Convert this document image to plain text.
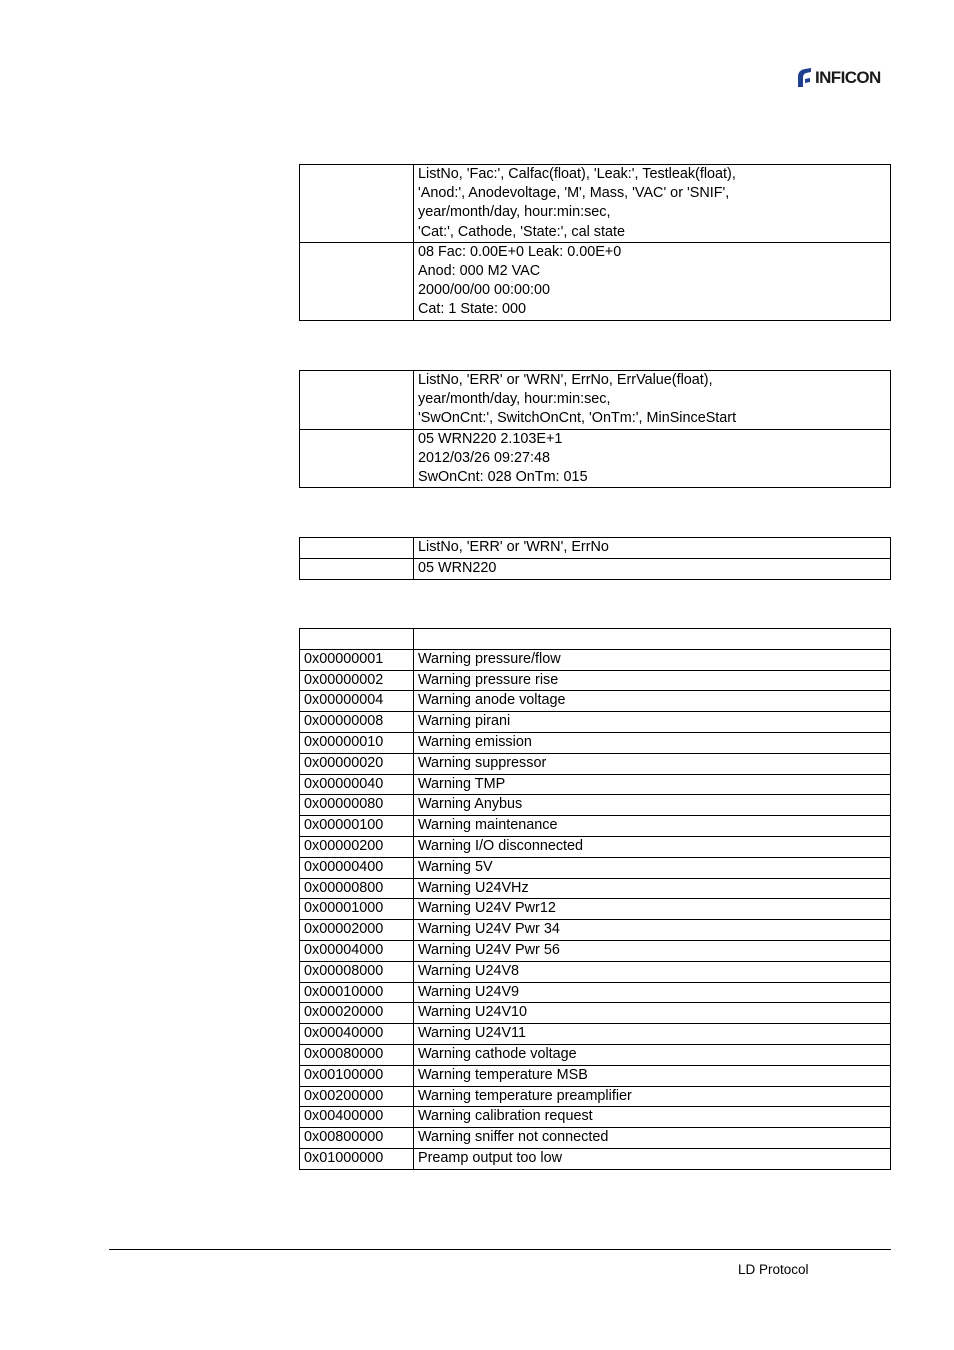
INFICON

	ListNo, 'Fac:', Calfac(float), 'Leak:', Testleak(float),
'Anod:', Anodevoltage, 'M', Mass, 'VAC' or 'SNIF',
year/month/day, hour:min:sec,
'Cat:', Cathode, 'State:', cal state

	08 Fac: 0.00E+0 Leak: 0.00E+0
Anod: 000 M2 VAC
2000/00/00 00:00:00
Cat: 1 State: 000

	ListNo, 'ERR' or 'WRN', ErrNo, ErrValue(float),
year/month/day, hour:min:sec,
'SwOnCnt:', SwitchOnCnt, 'OnTm:', MinSinceStart

	05 WRN220 2.103E+1
2012/03/26 09:27:48
SwOnCnt: 028 OnTm: 015
	ListNo, 'ERR' or 'WRN', ErrNo
	05 WRN220

0x00000001	Warning pressure/flow
0x00000002	Warning pressure rise
0x00000004	Warning anode voltage
0x00000008	Warning pirani
0x00000010	Warning emission
0x00000020	Warning suppressor
0x00000040	Warning TMP
0x00000080	Warning Anybus
0x00000100	Warning maintenance
0x00000200	Warning I/O disconnected
0x00000400	Warning 5V
0x00000800	Warning U24VHz
0x00001000	Warning U24V Pwr12
0x00002000	Warning U24V Pwr 34
0x00004000	Warning U24V Pwr 56
0x00008000	Warning U24V8
0x00010000	Warning U24V9
0x00020000	Warning U24V10
0x00040000	Warning U24V11
0x00080000	Warning cathode voltage
0x00100000	Warning temperature MSB
0x00200000	Warning temperature preamplifier
0x00400000	Warning calibration request
0x00800000	Warning sniffer not connected
0x01000000	Preamp output too low
LD Protocol
